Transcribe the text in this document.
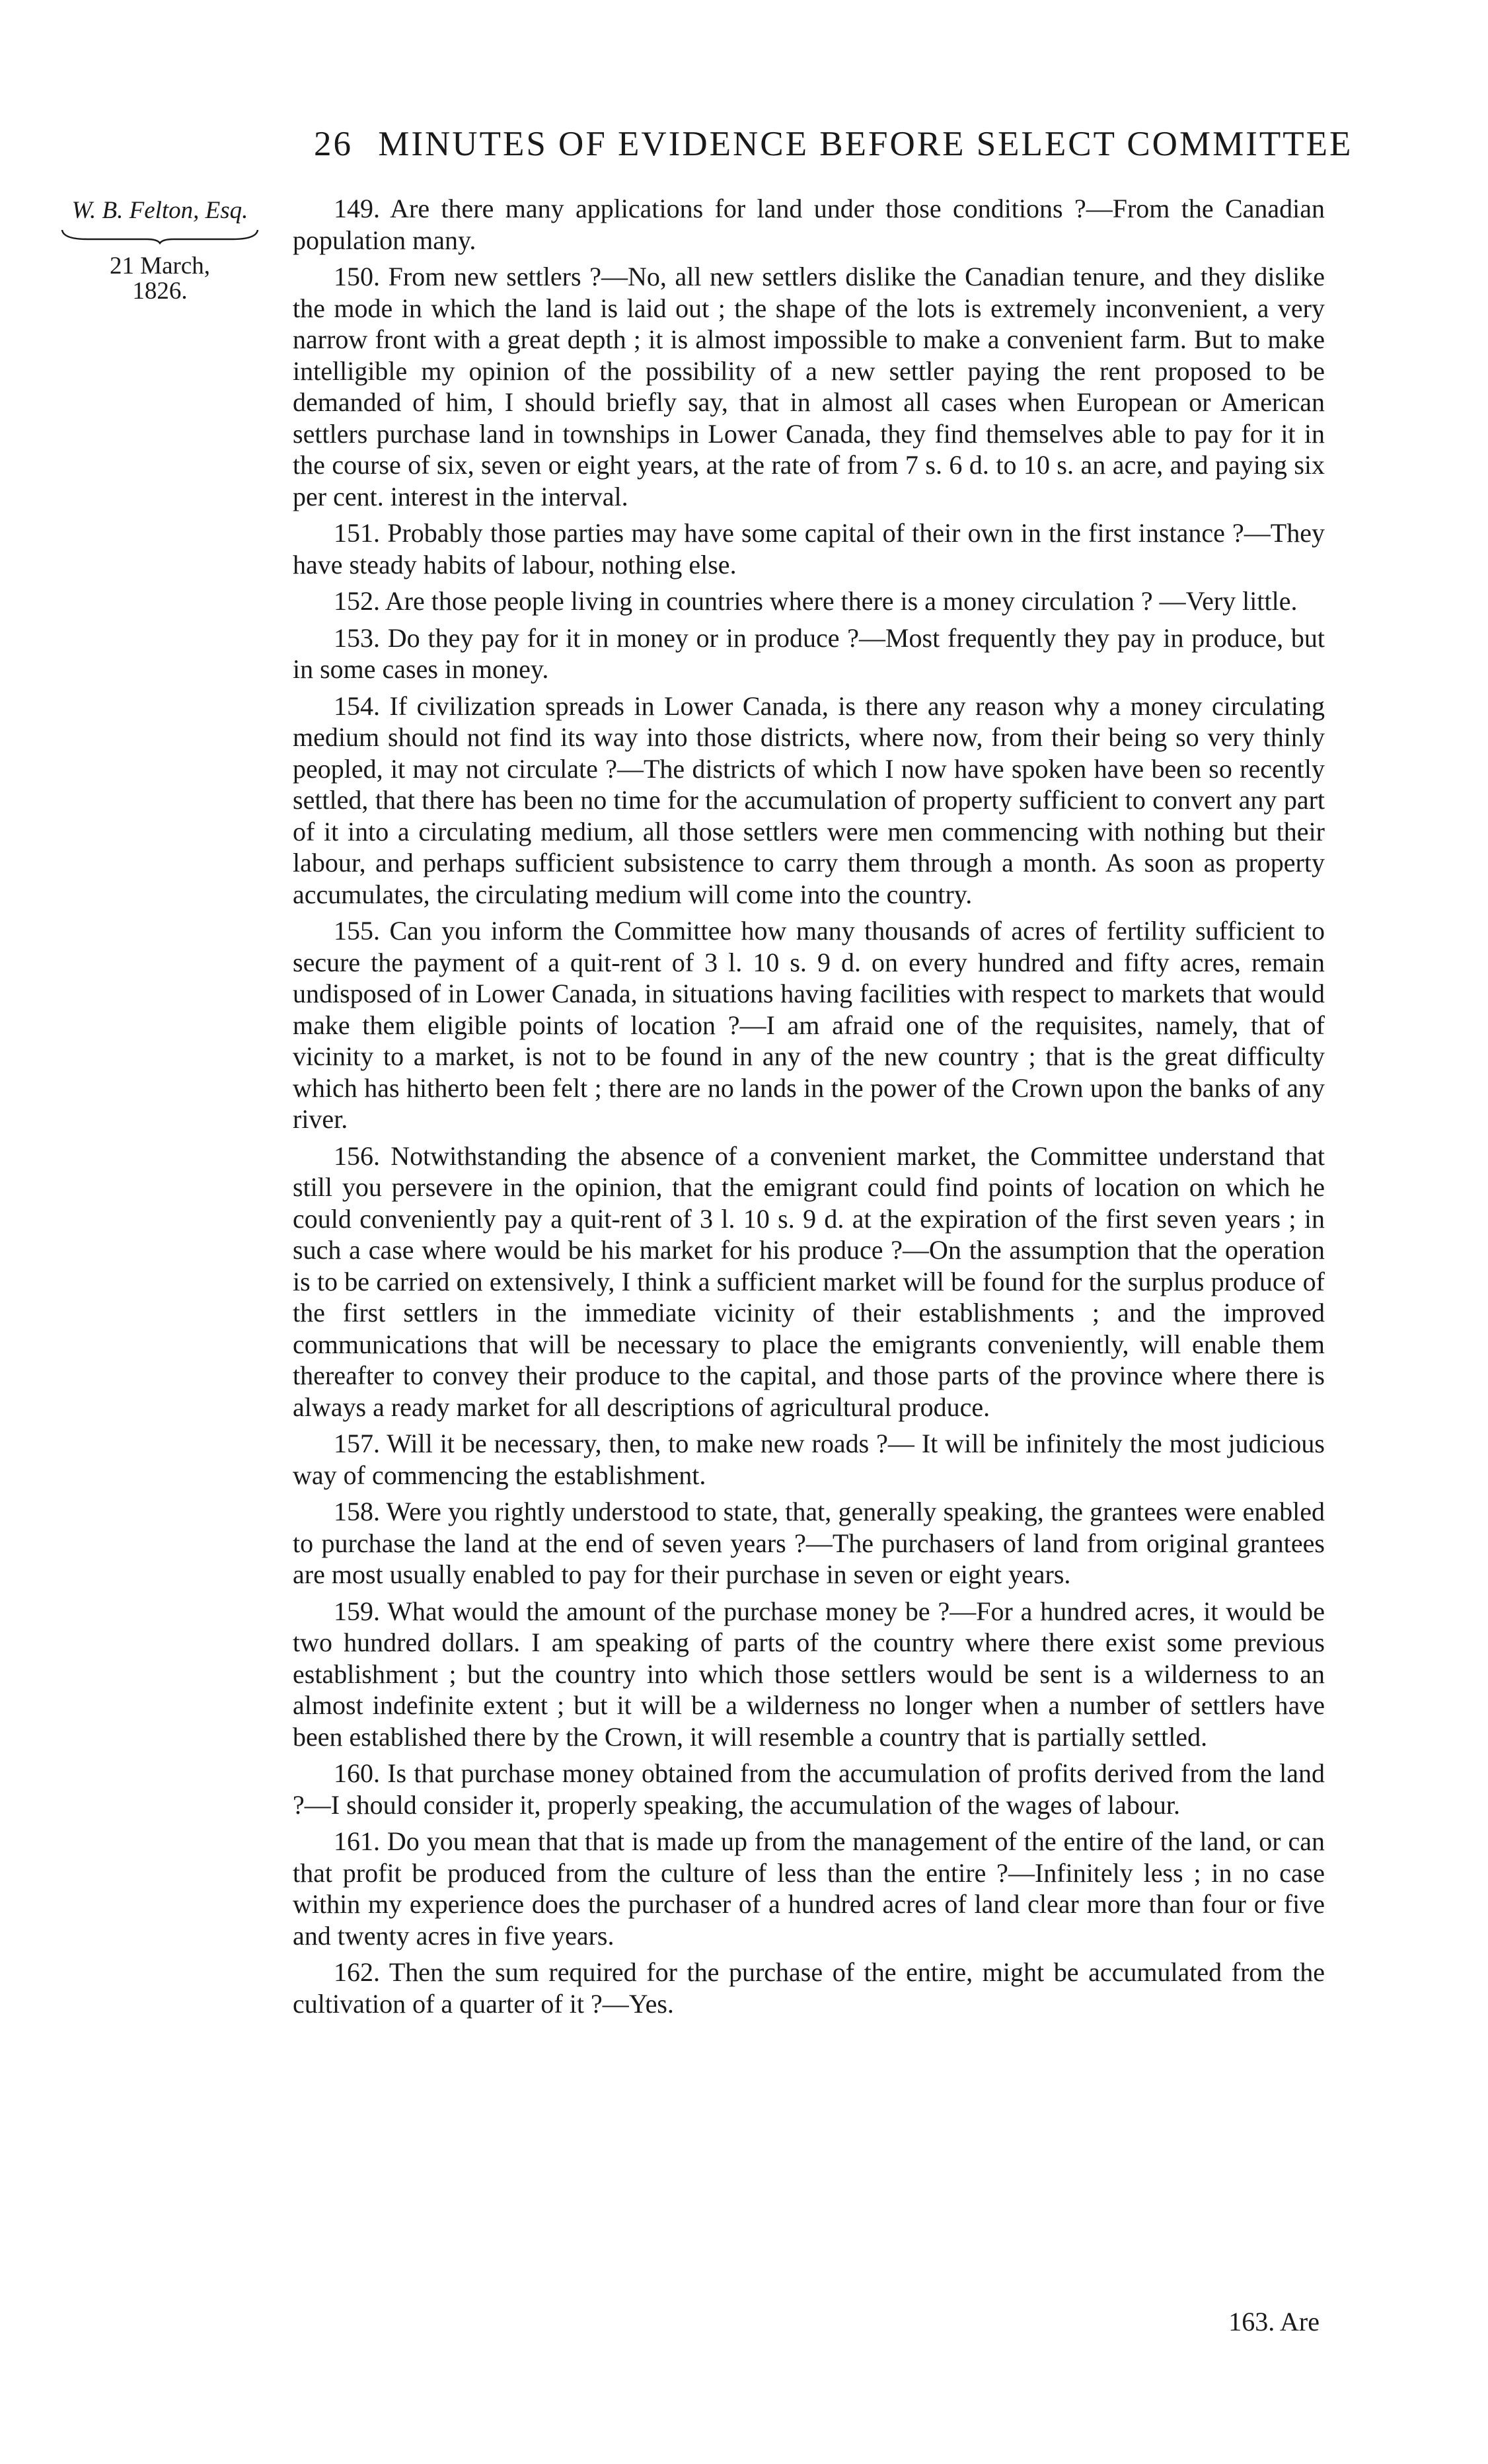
26 MINUTES OF EVIDENCE BEFORE SELECT COMMITTEE
W. B. Felton, Esq.
21 March,
1826.

149. Are there many applications for land under those conditions ?—From the Canadian population many.

150. From new settlers ?—No, all new settlers dislike the Canadian tenure, and they dislike the mode in which the land is laid out ; the shape of the lots is extremely inconvenient, a very narrow front with a great depth ; it is almost impossible to make a convenient farm. But to make intelligible my opinion of the possibility of a new settler paying the rent proposed to be demanded of him, I should briefly say, that in almost all cases when European or American settlers purchase land in townships in Lower Canada, they find themselves able to pay for it in the course of six, seven or eight years, at the rate of from 7 s. 6 d. to 10 s. an acre, and paying six per cent. interest in the interval.

151. Probably those parties may have some capital of their own in the first instance ?—They have steady habits of labour, nothing else.

152. Are those people living in countries where there is a money circulation ? —Very little.

153. Do they pay for it in money or in produce ?—Most frequently they pay in produce, but in some cases in money.

154. If civilization spreads in Lower Canada, is there any reason why a money circulating medium should not find its way into those districts, where now, from their being so very thinly peopled, it may not circulate ?—The districts of which I now have spoken have been so recently settled, that there has been no time for the accumulation of property sufficient to convert any part of it into a circulating medium, all those settlers were men commencing with nothing but their labour, and perhaps sufficient subsistence to carry them through a month. As soon as property accumulates, the circulating medium will come into the country.

155. Can you inform the Committee how many thousands of acres of fertility sufficient to secure the payment of a quit-rent of 3 l. 10 s. 9 d. on every hundred and fifty acres, remain undisposed of in Lower Canada, in situations having facilities with respect to markets that would make them eligible points of location ?—I am afraid one of the requisites, namely, that of vicinity to a market, is not to be found in any of the new country ; that is the great difficulty which has hitherto been felt ; there are no lands in the power of the Crown upon the banks of any river.

156. Notwithstanding the absence of a convenient market, the Committee understand that still you persevere in the opinion, that the emigrant could find points of location on which he could conveniently pay a quit-rent of 3 l. 10 s. 9 d. at the expiration of the first seven years ; in such a case where would be his market for his produce ?—On the assumption that the operation is to be carried on extensively, I think a sufficient market will be found for the surplus produce of the first settlers in the immediate vicinity of their establishments ; and the improved communications that will be necessary to place the emigrants conveniently, will enable them thereafter to convey their produce to the capital, and those parts of the province where there is always a ready market for all descriptions of agricultural produce.

157. Will it be necessary, then, to make new roads ?— It will be infinitely the most judicious way of commencing the establishment.

158. Were you rightly understood to state, that, generally speaking, the grantees were enabled to purchase the land at the end of seven years ?—The purchasers of land from original grantees are most usually enabled to pay for their purchase in seven or eight years.

159. What would the amount of the purchase money be ?—For a hundred acres, it would be two hundred dollars. I am speaking of parts of the country where there exist some previous establishment ; but the country into which those settlers would be sent is a wilderness to an almost indefinite extent ; but it will be a wilderness no longer when a number of settlers have been established there by the Crown, it will resemble a country that is partially settled.

160. Is that purchase money obtained from the accumulation of profits derived from the land ?—I should consider it, properly speaking, the accumulation of the wages of labour.

161. Do you mean that that is made up from the management of the entire of the land, or can that profit be produced from the culture of less than the entire ?—Infinitely less ; in no case within my experience does the purchaser of a hundred acres of land clear more than four or five and twenty acres in five years.

162. Then the sum required for the purchase of the entire, might be accumulated from the cultivation of a quarter of it ?—Yes.

163. Are
